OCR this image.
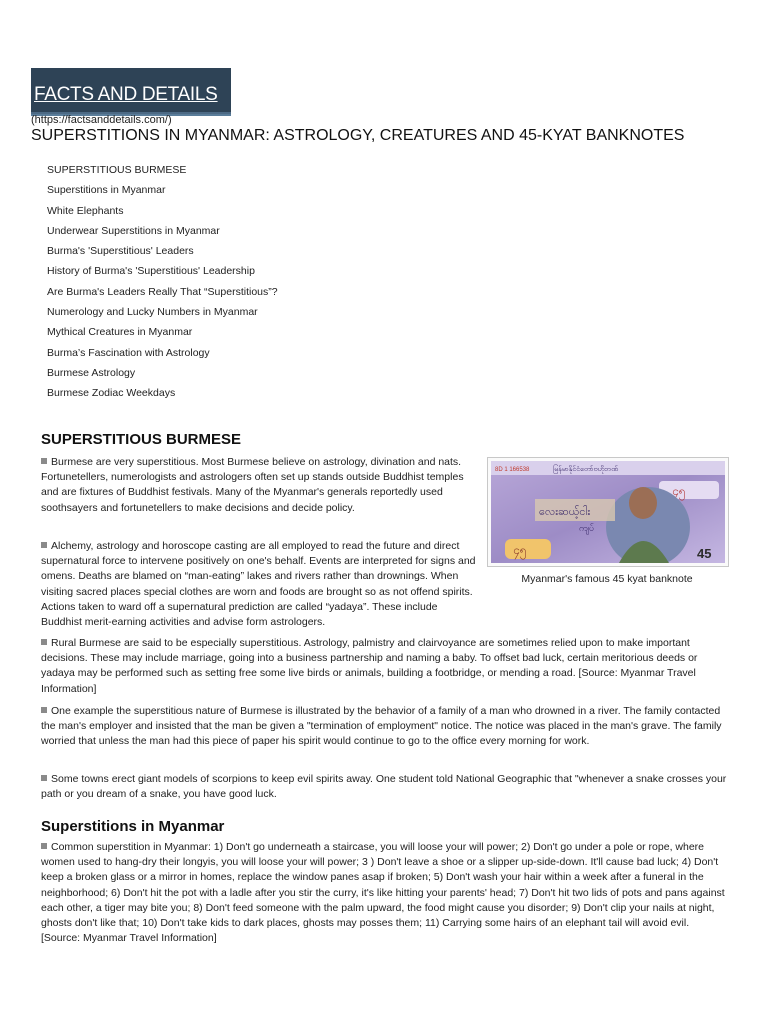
FACTS AND DETAILS
(https://factsanddetails.com/)
SUPERSTITIONS IN MYANMAR: ASTROLOGY, CREATURES AND 45-KYAT BANKNOTES
SUPERSTITIOUS BURMESE
Superstitions in Myanmar
White Elephants
Underwear Superstitions in Myanmar
Burma's 'Superstitious' Leaders
History of Burma's 'Superstitious' Leadership
Are Burma's Leaders Really That “Superstitious”?
Numerology and Lucky Numbers in Myanmar
Mythical Creatures in Myanmar
Burma’s Fascination with Astrology
Burmese Astrology
Burmese Zodiac Weekdays
SUPERSTITIOUS BURMESE

Burmese are very superstitious. Most Burmese believe on astrology, divination and nats. Fortunetellers, numerologists and astrologers often set up stands outside Buddhist temples and are fixtures of Buddhist festivals. Many of the Myanmar's generals reportedly used soothsayers and fortunetellers to make decisions and decide policy.

Alchemy, astrology and horoscope casting are all employed to read the future and direct supernatural force to intervene positively on one's behalf. Events are interpreted for signs and omens. Deaths are blamed on “man-eating” lakes and rivers rather than drownings. When visiting sacred places special clothes are worn and foods are brought so as not offend spirits. Actions taken to ward off a supernatural prediction are called “yadaya”. These include Buddhist merit-earning activities and advise form astrologers.

8D 1 166538	မြန်မာနိုင်ငံတော်ဗဟိုဘဏ်
၄၅
လေးဆယ့်ငါး
ကျပ်
၄၅	45
Myanmar's famous 45 kyat banknote

Rural Burmese are said to be especially superstitious. Astrology, palmistry and clairvoyance are sometimes relied upon to make important decisions. These may include marriage, going into a business partnership and naming a baby. To offset bad luck, certain meritorious deeds or yadaya may be performed such as setting free some live birds or animals, building a footbridge, or mending a road. [Source: Myanmar Travel Information]

One example the superstitious nature of Burmese is illustrated by the behavior of a family of a man who drowned in a river. The family contacted the man's employer and insisted that the man be given a "termination of employment" notice. The notice was placed in the man's grave. The family worried that unless the man had this piece of paper his spirit would continue to go to the office every morning for work.

Some towns erect giant models of scorpions to keep evil spirits away. One student told National Geographic that "whenever a snake crosses your path or you dream of a snake, you have good luck.

Superstitions in Myanmar

Common superstition in Myanmar: 1) Don't go underneath a staircase, you will loose your will power; 2) Don't go under a pole or rope, where women used to hang-dry their longyis, you will loose your will power; 3 ) Don't leave a shoe or a slipper up-side-down. It'll cause bad luck; 4) Don't keep a broken glass or a mirror in homes, replace the window panes asap if broken; 5) Don't wash your hair within a week after a funeral in the neighborhood; 6) Don't hit the pot with a ladle after you stir the curry, it's like hitting your parents' head; 7) Don't hit two lids of pots and pans against each other, a tiger may bite you; 8) Don't feed someone with the palm upward, the food might cause you disorder; 9) Don't clip your nails at night, ghosts don't like that; 10) Don't take kids to dark places, ghosts may posses them; 11) Carrying some hairs of an elephant tail will avoid evil. [Source: Myanmar Travel Information]
